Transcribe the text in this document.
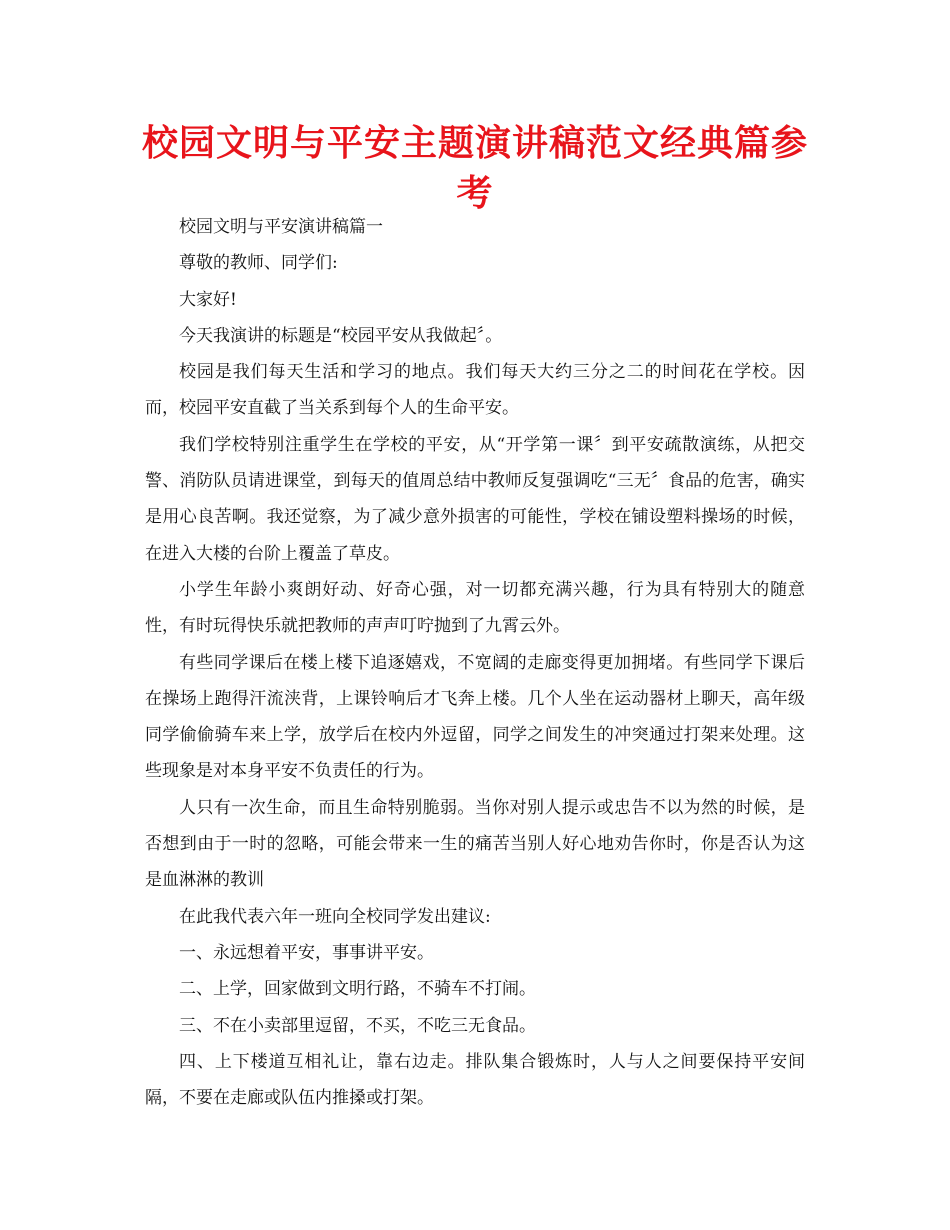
校园文明与平安主题演讲稿范文经典篇参考

校园文明与平安演讲稿篇一

尊敬的教师、同学们:

大家好!

今天我演讲的标题是“校园平安从我做起〞。

校园是我们每天生活和学习的地点。我们每天大约三分之二的时间花在学校。因而，校园平安直截了当关系到每个人的生命平安。

我们学校特别注重学生在学校的平安，从“开学第一课〞到平安疏散演练，从把交警、消防队员请进课堂，到每天的值周总结中教师反复强调吃“三无〞食品的危害，确实是用心良苦啊。我还觉察，为了减少意外损害的可能性，学校在铺设塑料操场的时候，在进入大楼的台阶上覆盖了草皮。

小学生年龄小爽朗好动、好奇心强，对一切都充满兴趣，行为具有特别大的随意性，有时玩得快乐就把教师的声声叮咛抛到了九霄云外。

有些同学课后在楼上楼下追逐嬉戏，不宽阔的走廊变得更加拥堵。有些同学下课后在操场上跑得汗流浃背，上课铃响后才飞奔上楼。几个人坐在运动器材上聊天，高年级同学偷偷骑车来上学，放学后在校内外逗留，同学之间发生的冲突通过打架来处理。这些现象是对本身平安不负责任的行为。

人只有一次生命，而且生命特别脆弱。当你对别人提示或忠告不以为然的时候，是否想到由于一时的忽略，可能会带来一生的痛苦当别人好心地劝告你时，你是否认为这是血淋淋的教训

在此我代表六年一班向全校同学发出建议:

一、永远想着平安，事事讲平安。

二、上学，回家做到文明行路，不骑车不打闹。

三、不在小卖部里逗留，不买，不吃三无食品。

四、上下楼道互相礼让，靠右边走。排队集合锻炼时，人与人之间要保持平安间隔，不要在走廊或队伍内推搡或打架。
